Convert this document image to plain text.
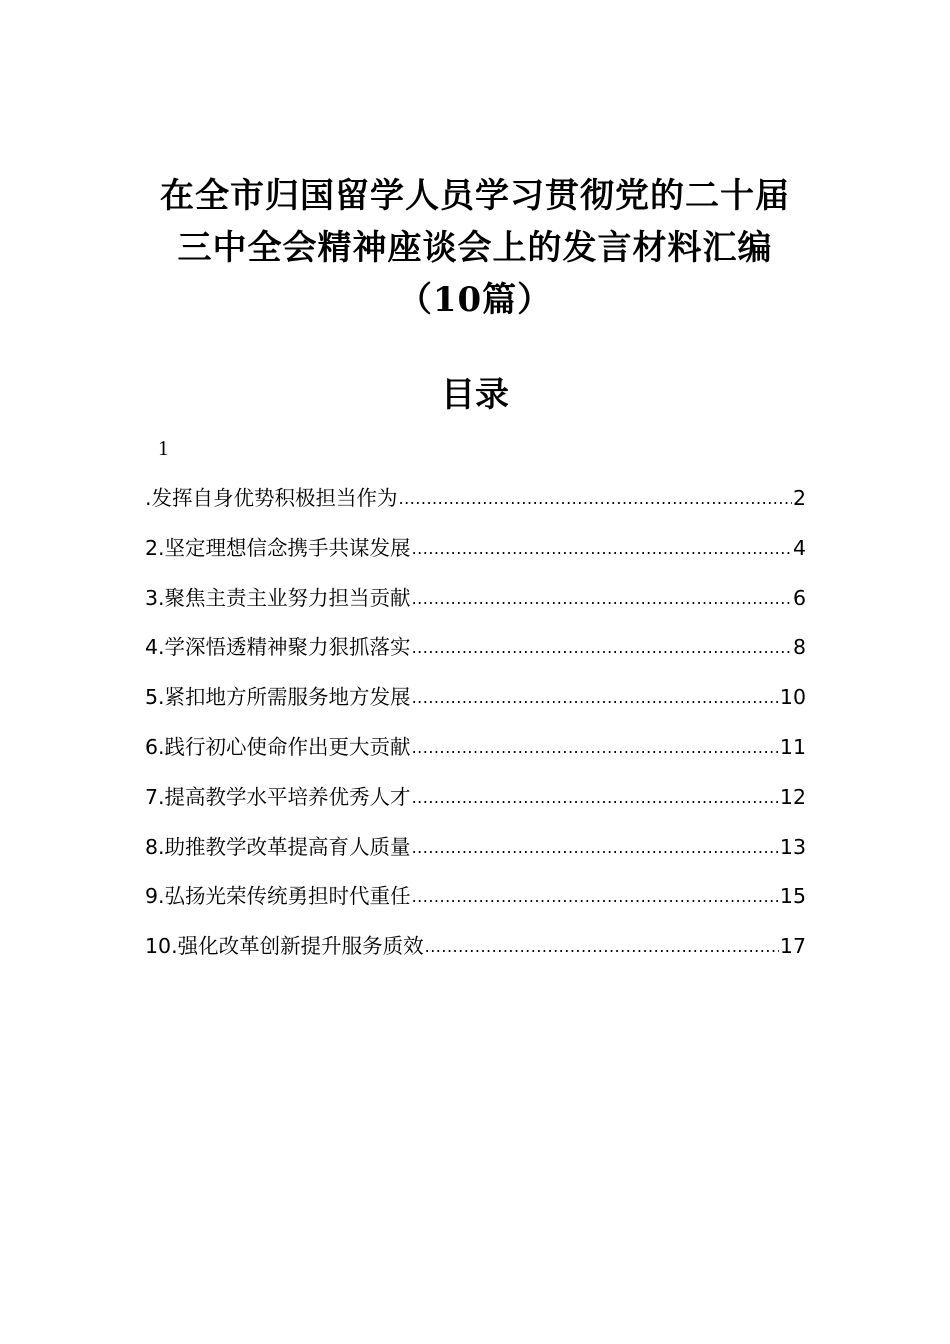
在全市归国留学人员学习贯彻党的二十届
三中全会精神座谈会上的发言材料汇编
（10篇）
目录
1
.发挥自身优势积极担当作为 .....	2
2.坚定理想信念携手共谋发展 .....	4
3.聚焦主责主业努力担当贡献 .....	6
4.学深悟透精神聚力狠抓落实 .....	8
5.紧扣地方所需服务地方发展 .....	10
6.践行初心使命作出更大贡献 .....	11
7.提高教学水平培养优秀人才 .....	12
8.助推教学改革提高育人质量 .....	13
9.弘扬光荣传统勇担时代重任 .....	15
10.强化改革创新提升服务质效 .....	17
